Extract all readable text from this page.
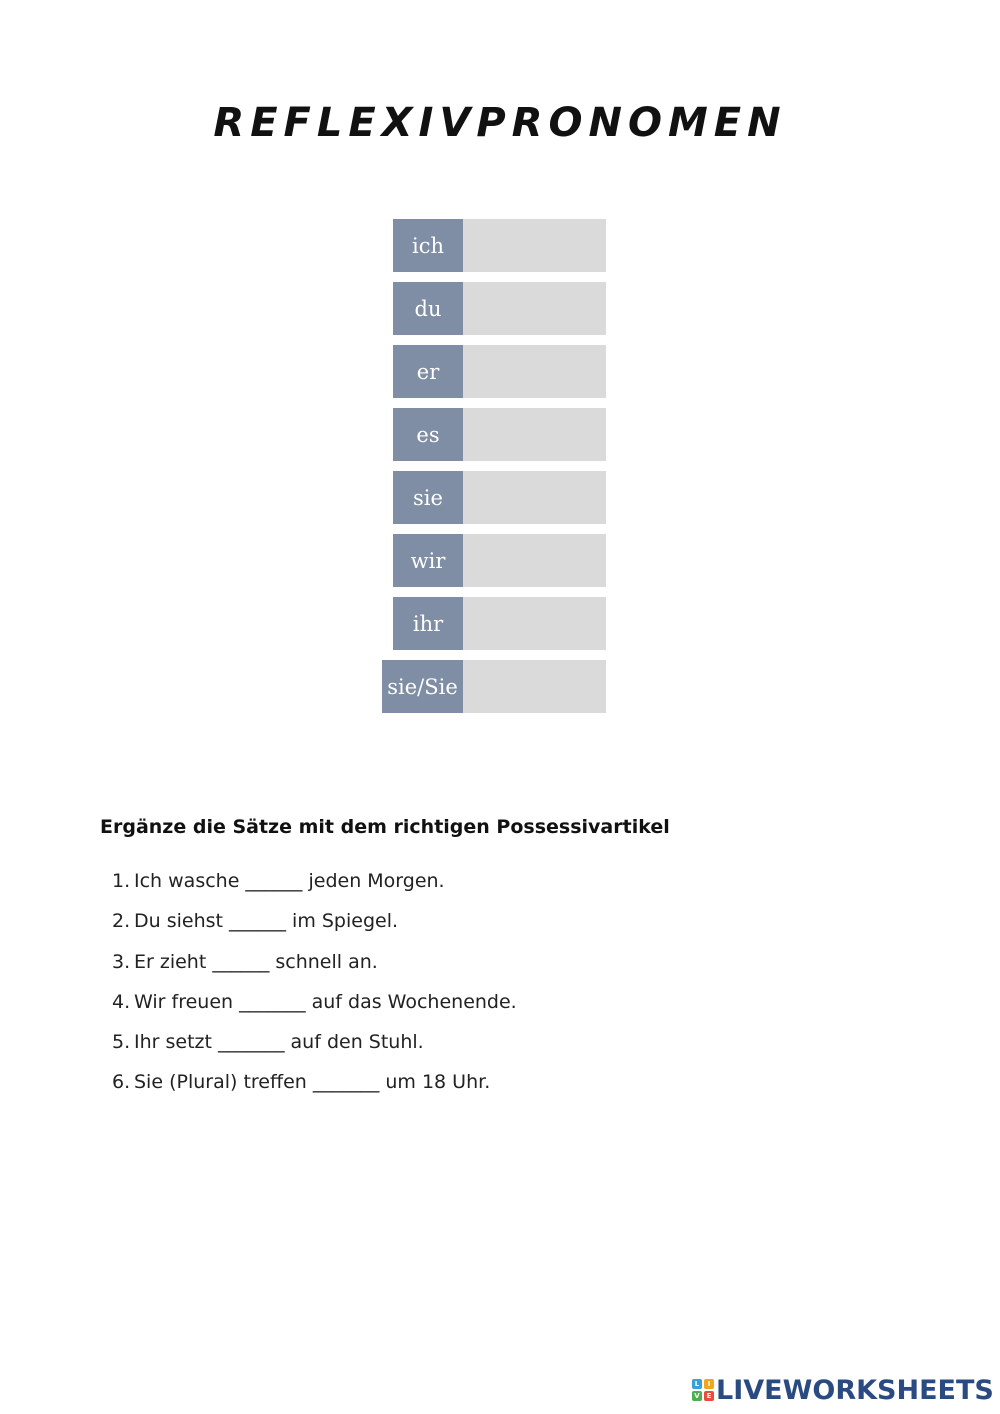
REFLEXIVPRONOMEN
ich
du
er
es
sie
wir
ihr
sie/Sie
Ergänze die Sätze mit dem richtigen Possessivartikel
1. Ich wasche ______ jeden Morgen.
2. Du siehst ______ im Spiegel.
3. Er zieht ______ schnell an.
4. Wir freuen _______ auf das Wochenende.
5. Ihr setzt _______ auf den Stuhl.
6. Sie (Plural) treffen _______ um 18 Uhr.
L	I
V E LIVEWORKSHEETS
